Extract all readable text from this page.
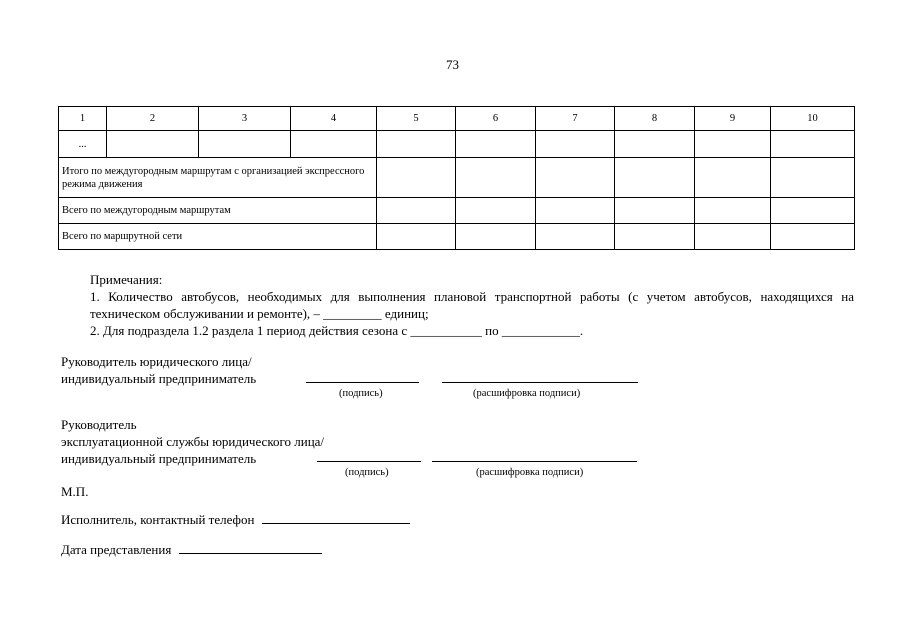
73
1	2	3	4	5	6	7	8	9	10
...									
Итого по междугородным маршрутам с организацией экспрессного режима движения									
Всего по междугородным маршрутам									
Всего по маршрутной сети									

Примечания:

1. Количество автобусов, необходимых для выполнения плановой транспортной работы (с учетом автобусов, находящихся на техническом обслуживании и ремонте), – _________ единиц;

2. Для подраздела 1.2 раздела 1 период действия сезона с ___________ по ____________.

Руководитель юридического лица/
индивидуальный предприниматель
(подпись)	(расшифровка подписи)
Руководитель
эксплуатационной службы юридического лица/
индивидуальный предприниматель
(подпись)	(расшифровка подписи)
М.П.
Исполнитель, контактный телефон
Дата представления
